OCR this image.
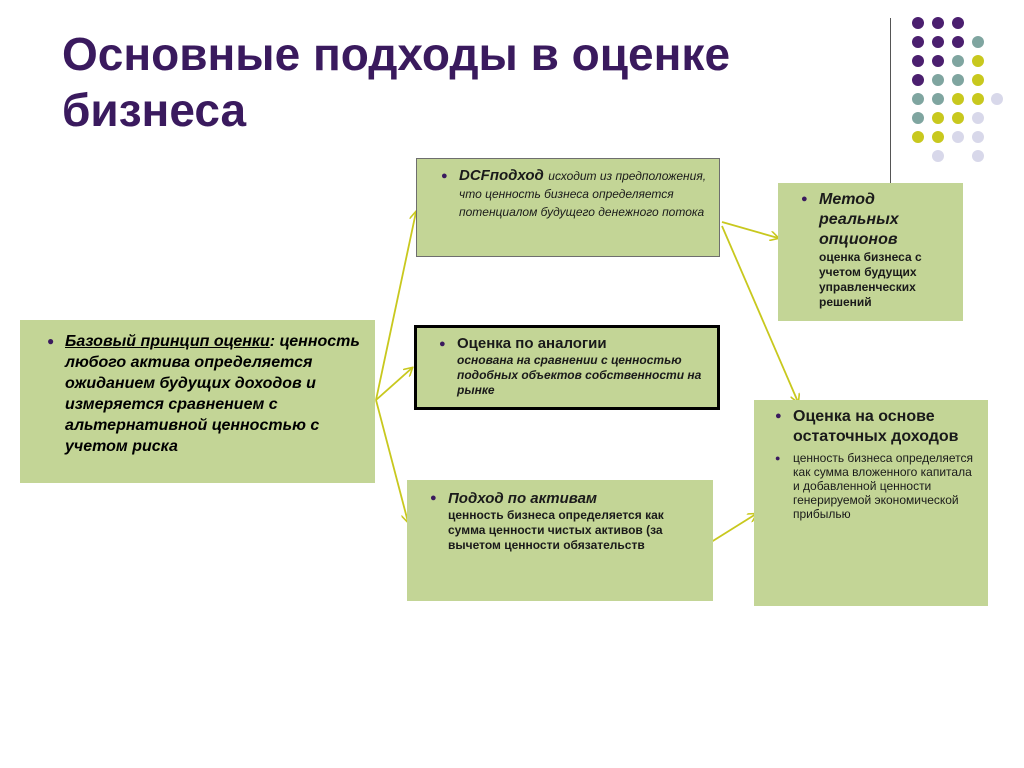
Основные подходы в оценке бизнеса
● Базовый принцип оценки: ценность любого актива определяется ожиданием будущих доходов и измеряется сравнением с альтернативной ценностью с учетом риска
● DCFподход исходит из предположения, что ценность бизнеса определяется потенциалом будущего денежного потока
● Оценка по аналогии
основана на сравнении с ценностью подобных объектов собственности на рынке
● Подход по активам
ценность бизнеса определяется как сумма ценности чистых активов (за вычетом ценности обязательств
● Метод реальных опционов
оценка бизнеса с учетом будущих управленческих решений
● Оценка на основе остаточных доходов
● ценность бизнеса определяется как сумма вложенного капитала и добавленной ценности генерируемой экономической прибылью
